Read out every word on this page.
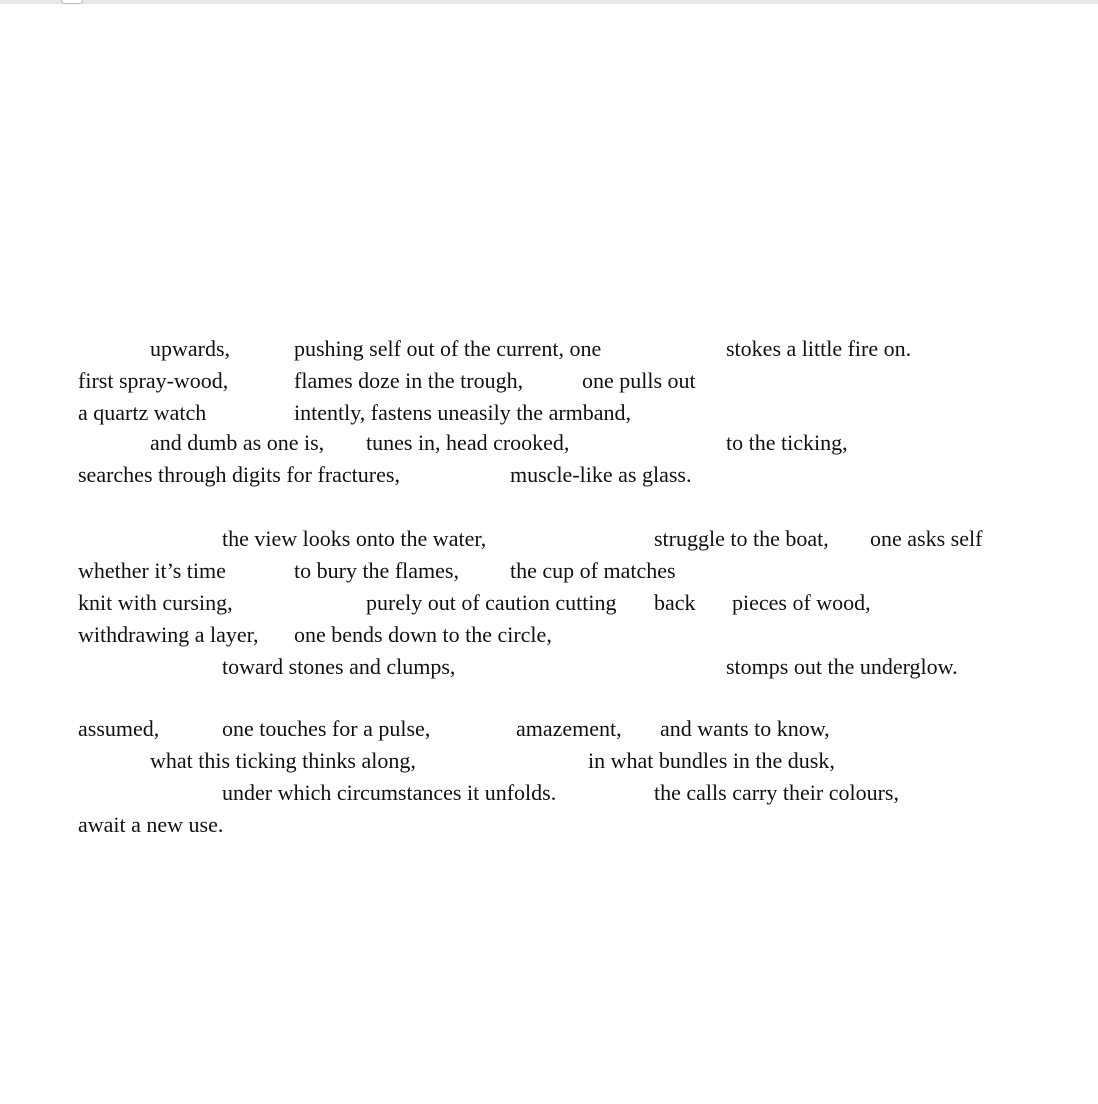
upwards,	pushing self out of the current, one	stokes a little fire on.
first spray-wood,	flames doze in the trough,	one pulls out
a quartz watch	intently, fastens uneasily the armband,
and dumb as one is, tunes in, head crooked,	to the ticking,
searches through digits for fractures,	muscle-like as glass.
the view looks onto the water,	struggle to the boat, one asks self
whether it’s time	to bury the flames, the cup of matches
knit with cursing,	purely out of caution cutting back pieces of wood,
withdrawing a layer, one bends down to the circle,
toward stones and clumps,	stomps out the underglow.
assumed,	one touches for a pulse,	amazement, and wants to know,
what this ticking thinks along,	in what bundles in the dusk,
under which circumstances it unfolds.	the calls carry their colours,
await a new use.
